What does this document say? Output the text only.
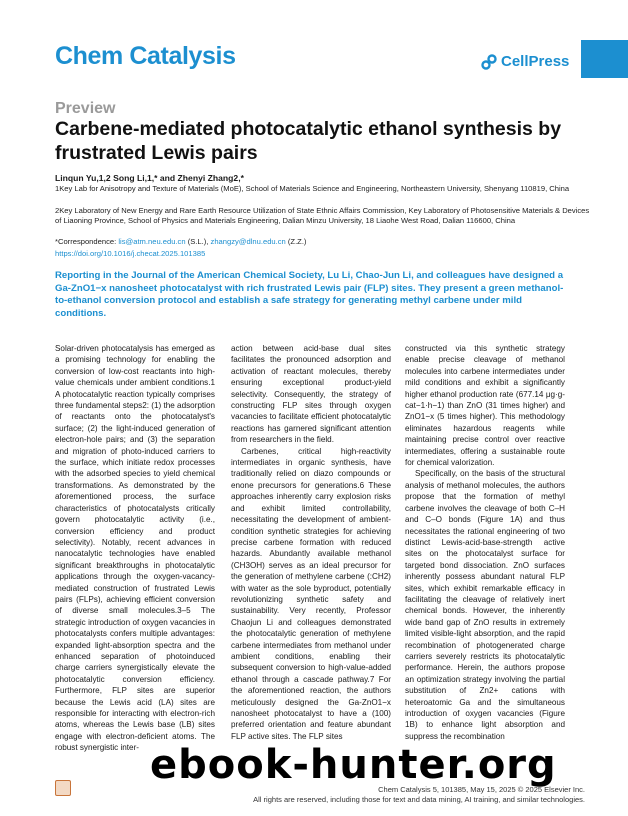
Chem Catalysis	CellPress
Preview
Carbene-mediated photocatalytic ethanol synthesis by frustrated Lewis pairs
Linqun Yu,1,2 Song Li,1,* and Zhenyi Zhang2,*

1Key Lab for Anisotropy and Texture of Materials (MoE), School of Materials Science and Engineering, Northeastern University, Shenyang 110819, China

2Key Laboratory of New Energy and Rare Earth Resource Utilization of State Ethnic Affairs Commission, Key Laboratory of Photosensitive Materials & Devices of Liaoning Province, School of Physics and Materials Engineering, Dalian Minzu University, 18 Liaohe West Road, Dalian 116600, China

*Correspondence: lis@atm.neu.edu.cn (S.L.), zhangzy@dlnu.edu.cn (Z.Z.)

https://doi.org/10.1016/j.checat.2025.101385

Reporting in the Journal of the American Chemical Society, Lu Li, Chao-Jun Li, and colleagues have designed a Ga-ZnO1−x nanosheet photocatalyst with rich frustrated Lewis pair (FLP) sites. They present a green methanol-to-ethanol conversion protocol and establish a safe strategy for generating methyl carbene under mild conditions.

Solar-driven photocatalysis has emerged as a promising technology for enabling the conversion of low-cost reactants into high-value chemicals under ambient conditions.1 A photocatalytic reaction typically comprises three fundamental steps2: (1) the adsorption of reactants onto the photocatalyst's surface; (2) the light-induced generation of electron-hole pairs; and (3) the separation and migration of photo-induced carriers to the surface, which initiate redox processes with the adsorbed species to yield chemical transformations. As demonstrated by the aforementioned process, the surface characteristics of photocatalysts critically govern photocatalytic activity (i.e., conversion efficiency and product selectivity). Notably, recent advances in nanocatalytic technologies have enabled significant breakthroughs in photocatalytic applications through the oxygen-vacancy-mediated construction of frustrated Lewis pairs (FLPs), achieving efficient conversion of diverse small molecules.3–5 The strategic introduction of oxygen vacancies in photocatalysts confers multiple advantages: expanded light-absorption spectra and the enhanced separation of photoinduced charge carriers synergistically elevate the photocatalytic conversion efficiency. Furthermore, FLP sites are superior because the Lewis acid (LA) sites are responsible for interacting with electron-rich atoms, whereas the Lewis base (LB) sites engage with electron-deficient atoms. The robust synergistic inter-

action between acid-base dual sites facilitates the pronounced adsorption and activation of reactant molecules, thereby ensuring exceptional product-yield selectivity. Consequently, the strategy of constructing FLP sites through oxygen vacancies to facilitate efficient photocatalytic reactions has garnered significant attention from researchers in the field.

Carbenes, critical high-reactivity intermediates in organic synthesis, have traditionally relied on diazo compounds or enone precursors for generations.6 These approaches inherently carry explosion risks and exhibit limited controllability, necessitating the development of ambient-condition synthetic strategies for achieving precise carbene formation with reduced hazards. Abundantly available methanol (CH3OH) serves as an ideal precursor for the generation of methylene carbene (:CH2) with water as the sole byproduct, potentially revolutionizing synthetic safety and sustainability. Very recently, Professor Chaojun Li and colleagues demonstrated the photocatalytic generation of methylene carbene intermediates from methanol under ambient conditions, enabling their subsequent conversion to high-value-added ethanol through a cascade pathway.7 For the aforementioned reaction, the authors meticulously designed the Ga-ZnO1−x nanosheet photocatalyst to have a (100) preferred orientation and feature abundant FLP active sites. The FLP sites

constructed via this synthetic strategy enable precise cleavage of methanol molecules into carbene intermediates under mild conditions and exhibit a significantly higher ethanol production rate (677.14 μg·g-cat−1·h−1) than ZnO (31 times higher) and ZnO1−x (5 times higher). This methodology eliminates hazardous reagents while maintaining precise control over reactive intermediates, offering a sustainable route for chemical valorization.

Specifically, on the basis of the structural analysis of methanol molecules, the authors propose that the formation of methyl carbene involves the cleavage of both C–H and C–O bonds (Figure 1A) and thus necessitates the rational engineering of two distinct Lewis-acid-base-strength active sites on the photocatalyst surface for targeted bond dissociation. ZnO surfaces inherently possess abundant natural FLP sites, which exhibit remarkable efficacy in facilitating the cleavage of relatively inert chemical bonds. However, the inherently wide band gap of ZnO results in extremely limited visible-light absorption, and the rapid recombination of photogenerated charge carriers severely restricts its photocatalytic performance. Herein, the authors propose an optimization strategy involving the partial substitution of Zn2+ cations with heteroatomic Ga and the simultaneous introduction of oxygen vacancies (Figure 1B) to enhance light absorption and suppress the recombination

ebook-hunter.org
Chem Catalysis 5, 101385, May 15, 2025 © 2025 Elsevier Inc.
All rights are reserved, including those for text and data mining, AI training, and similar technologies.
